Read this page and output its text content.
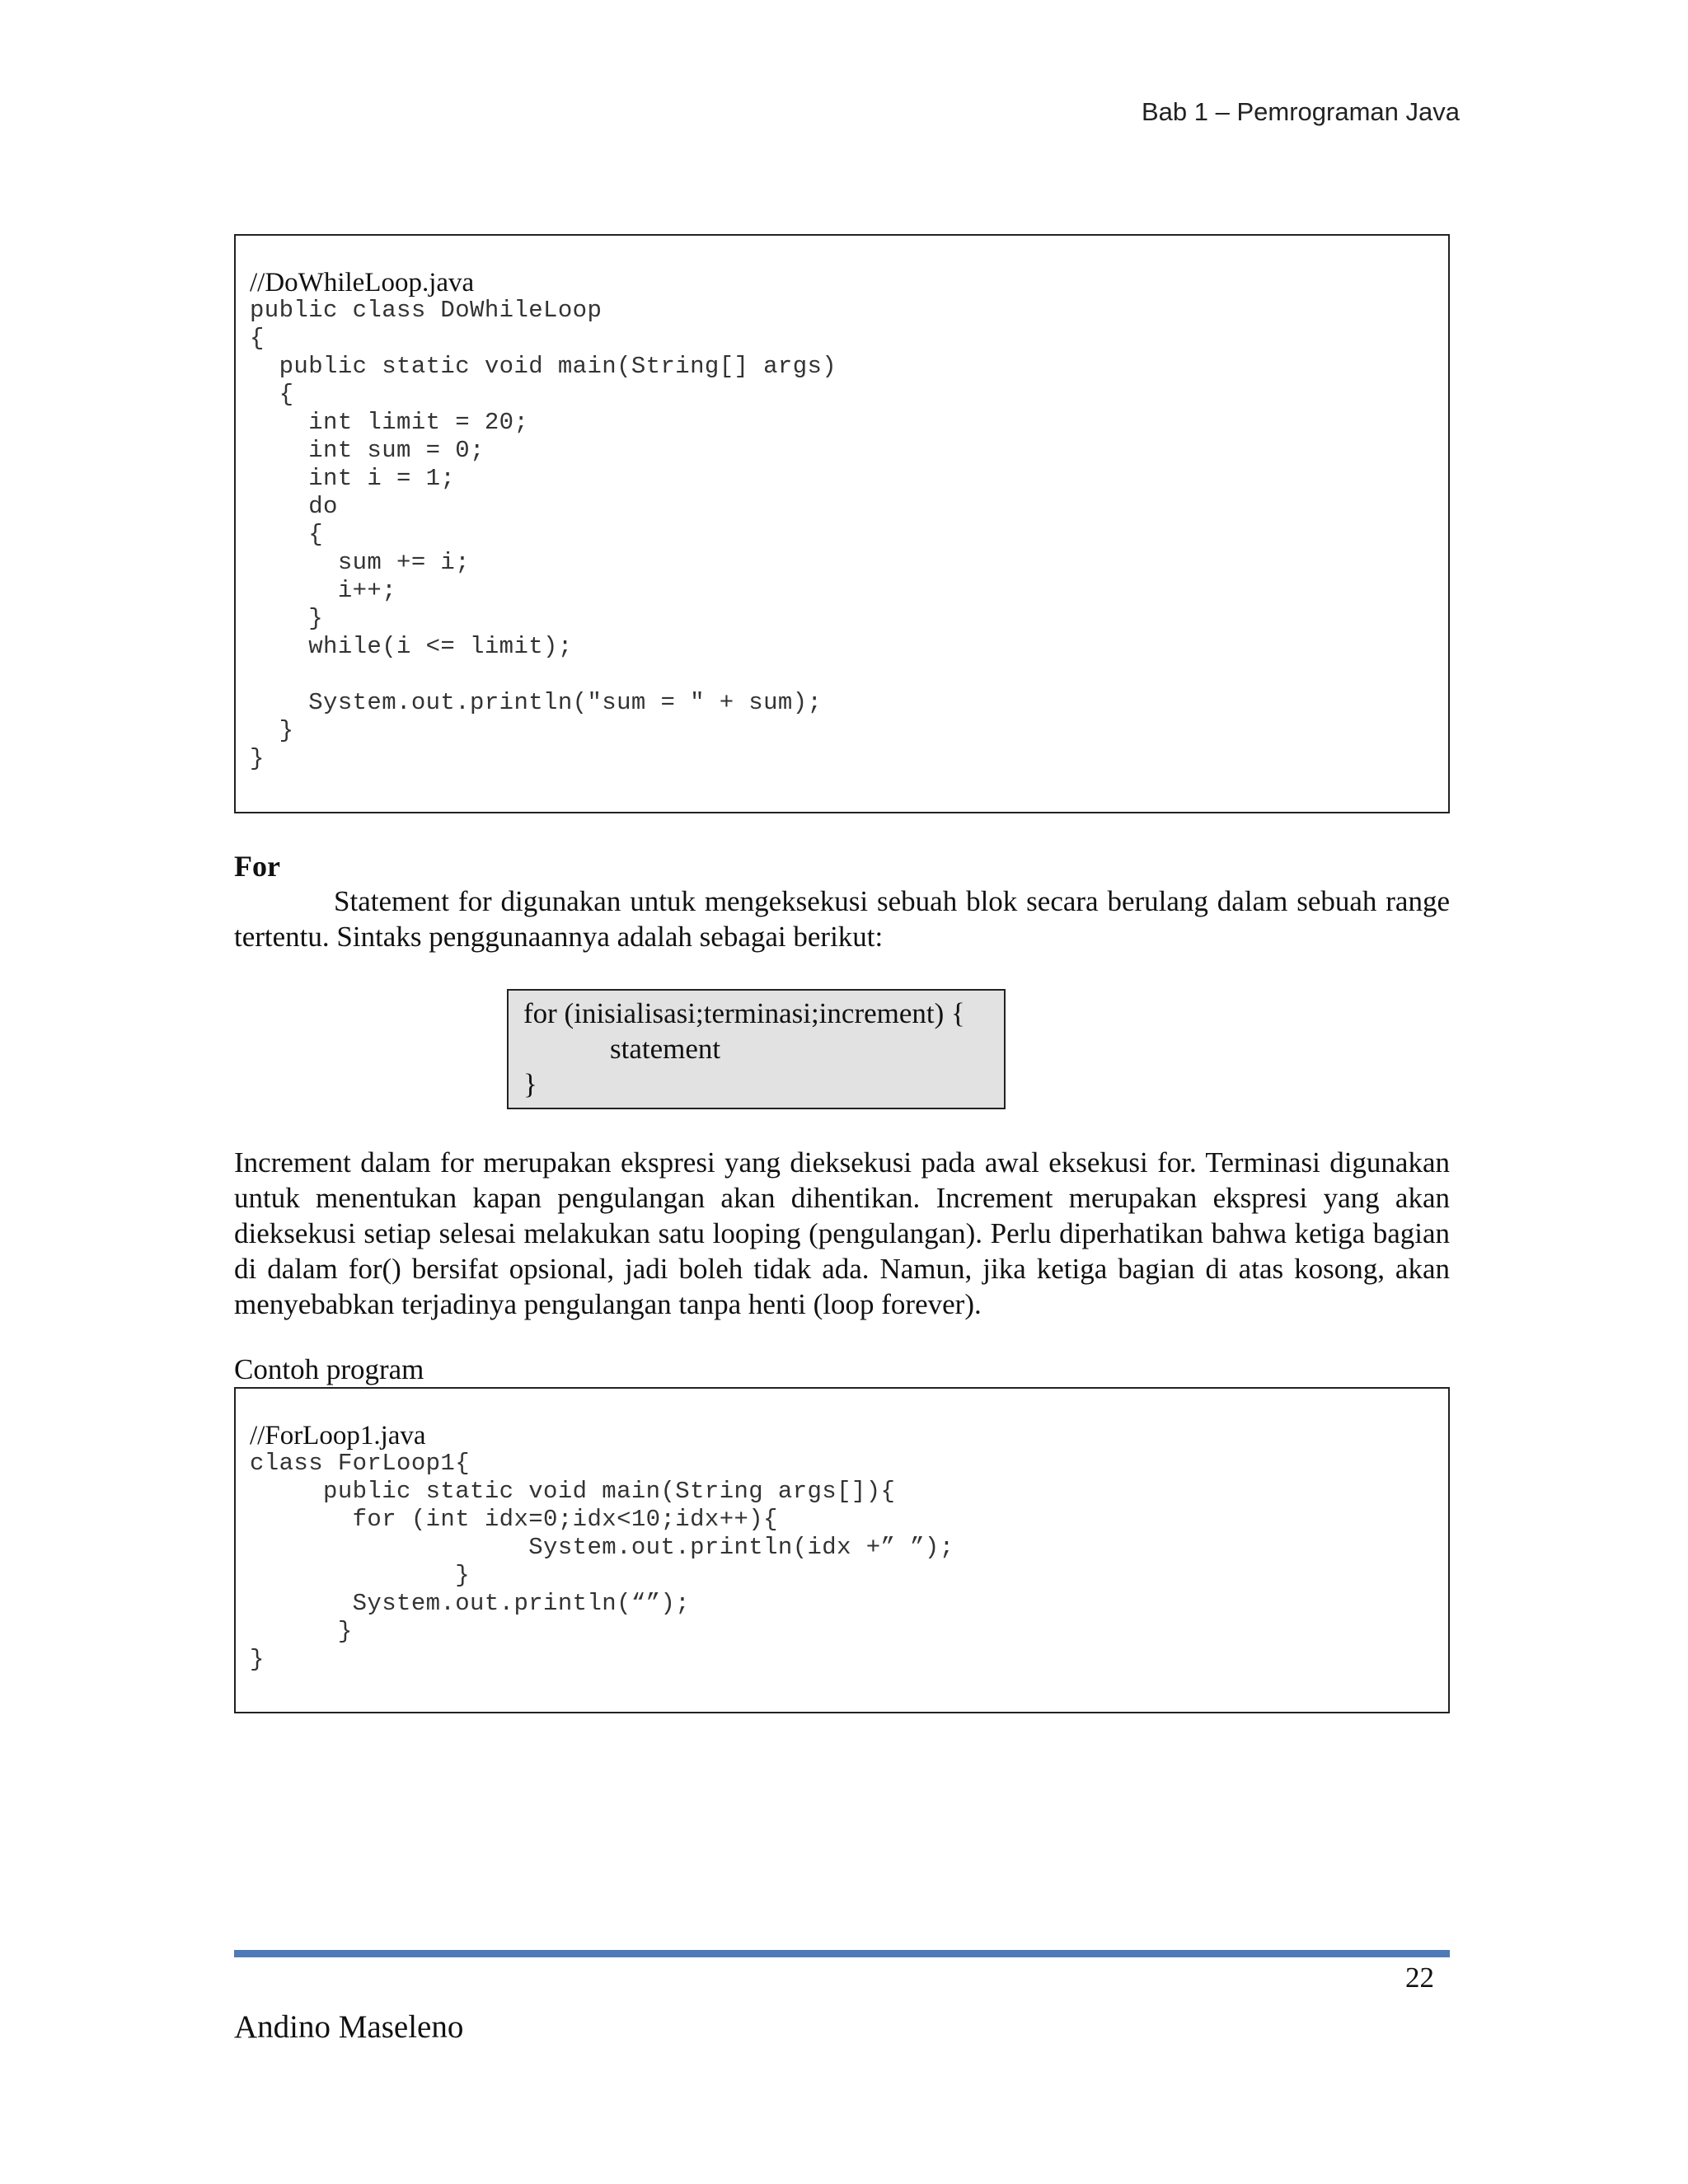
Bab 1 – Pemrograman Java
//DoWhileLoop.java
public class DoWhileLoop
{
public static void main(String[] args)
{
int limit = 20;
int sum = 0;
int i = 1;
do
{
sum += i;
i++;
}
while(i <= limit);
System.out.println("sum = " + sum);
}
}
For

Statement for digunakan untuk mengeksekusi sebuah blok secara berulang dalam sebuah range tertentu. Sintaks penggunaannya adalah sebagai berikut:

for (inisialisasi;terminasi;increment) {
statement
}

Increment dalam for merupakan ekspresi yang dieksekusi pada awal eksekusi for. Terminasi digunakan untuk menentukan kapan pengulangan akan dihentikan. Increment merupakan ekspresi yang akan dieksekusi setiap selesai melakukan satu looping (pengulangan). Perlu diperhatikan bahwa ketiga bagian di dalam for() bersifat opsional, jadi boleh tidak ada. Namun, jika ketiga bagian di atas kosong, akan menyebabkan terjadinya pengulangan tanpa henti (loop forever).

Contoh program
//ForLoop1.java
class ForLoop1{
public static void main(String args[]){
for (int idx=0;idx<10;idx++){
System.out.println(idx +” ”);
}
System.out.println(“”);
}
}
22
Andino Maseleno
